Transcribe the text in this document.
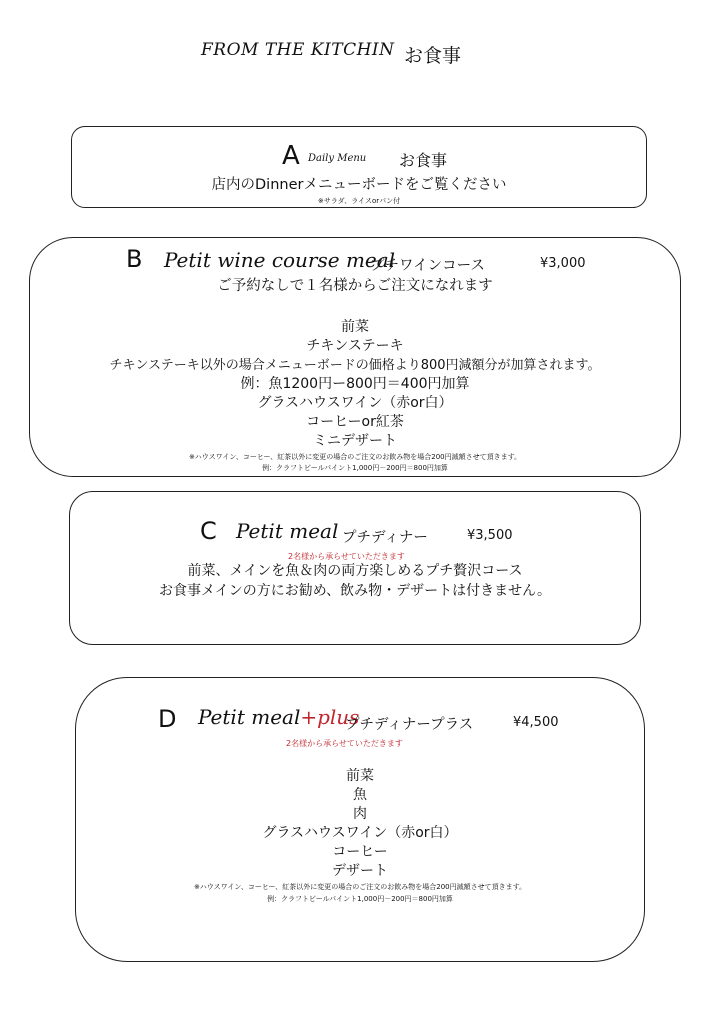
FROM THE KITCHIN お食事
A Daily Menu お食事
店内のDinnerメニューボードをご覧ください
※サラダ、ライスorパン付
B Petit wine course meal
プチワインコース	¥3,000
ご予約なしで１名様からご注文になれます
前菜
チキンステーキ
チキンステーキ以外の場合メニューボードの価格より800円減額分が加算されます。
例：魚1200円ー800円＝400円加算
グラスハウスワイン（赤or白）
コーヒーor紅茶
ミニデザート
※ハウスワイン、コーヒー、紅茶以外に変更の場合のご注文のお飲み物を場合200円減額させて頂きます。
例：クラフトビールパイント1,000円－200円＝800円加算
C Petit meal プチディナー	¥3,500
2名様から承らせていただきます
前菜、メインを魚＆肉の両方楽しめるプチ贅沢コース
お食事メインの方にお勧め、飲み物・デザートは付きません。
D Petit meal+plus
プチディナープラス	¥4,500
2名様から承らせていただきます
前菜
魚
肉
グラスハウスワイン（赤or白）
コーヒー
デザート
※ハウスワイン、コーヒー、紅茶以外に変更の場合のご注文のお飲み物を場合200円減額させて頂きます。
例：クラフトビールパイント1,000円－200円＝800円加算
